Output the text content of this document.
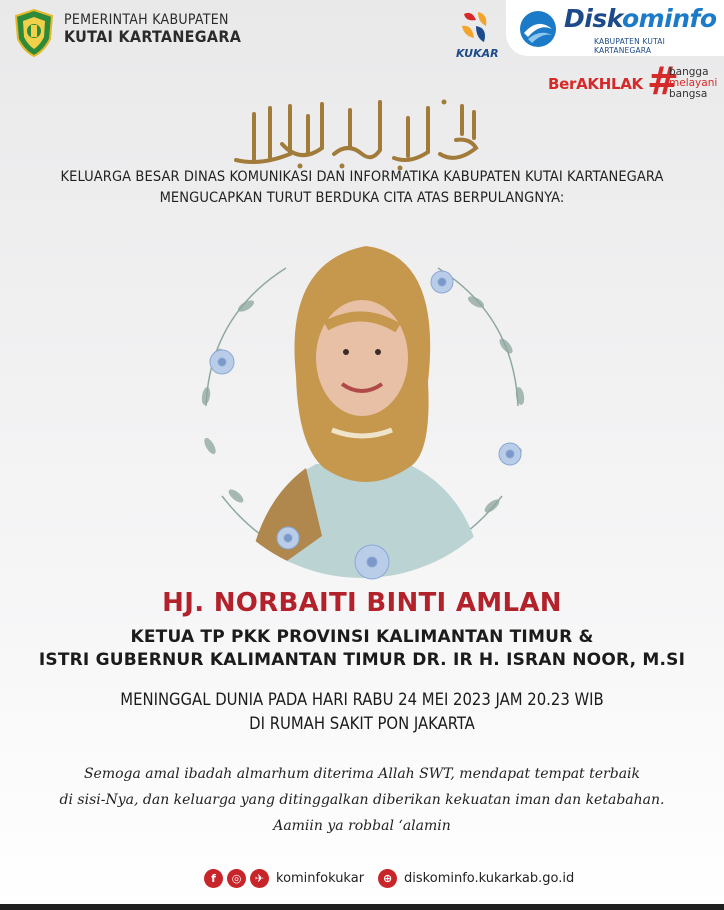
PEMERINTAH KABUPATEN
KUTAI KARTANEGARA
KUKAR
Diskominfo
KABUPATEN KUTAI KARTANEGARA
BerAKHLAK #
bangga
melayani
bangsa
KELUARGA BESAR DINAS KOMUNIKASI DAN INFORMATIKA KABUPATEN KUTAI KARTANEGARA
MENGUCAPKAN TURUT BERDUKA CITA ATAS BERPULANGNYA:
HJ. NORBAITI BINTI AMLAN
KETUA TP PKK PROVINSI KALIMANTAN TIMUR &
ISTRI GUBERNUR KALIMANTAN TIMUR DR. IR H. ISRAN NOOR, M.SI
MENINGGAL DUNIA PADA HARI RABU 24 MEI 2023 JAM 20.23 WIB
DI RUMAH SAKIT PON JAKARTA
Semoga amal ibadah almarhum diterima Allah SWT, mendapat tempat terbaik
di sisi-Nya, dan keluarga yang ditinggalkan diberikan kekuatan iman dan ketabahan.
Aamiin ya robbal ‘alamin
f	◎	✈ kominfokukar	⊕ diskominfo.kukarkab.go.id
